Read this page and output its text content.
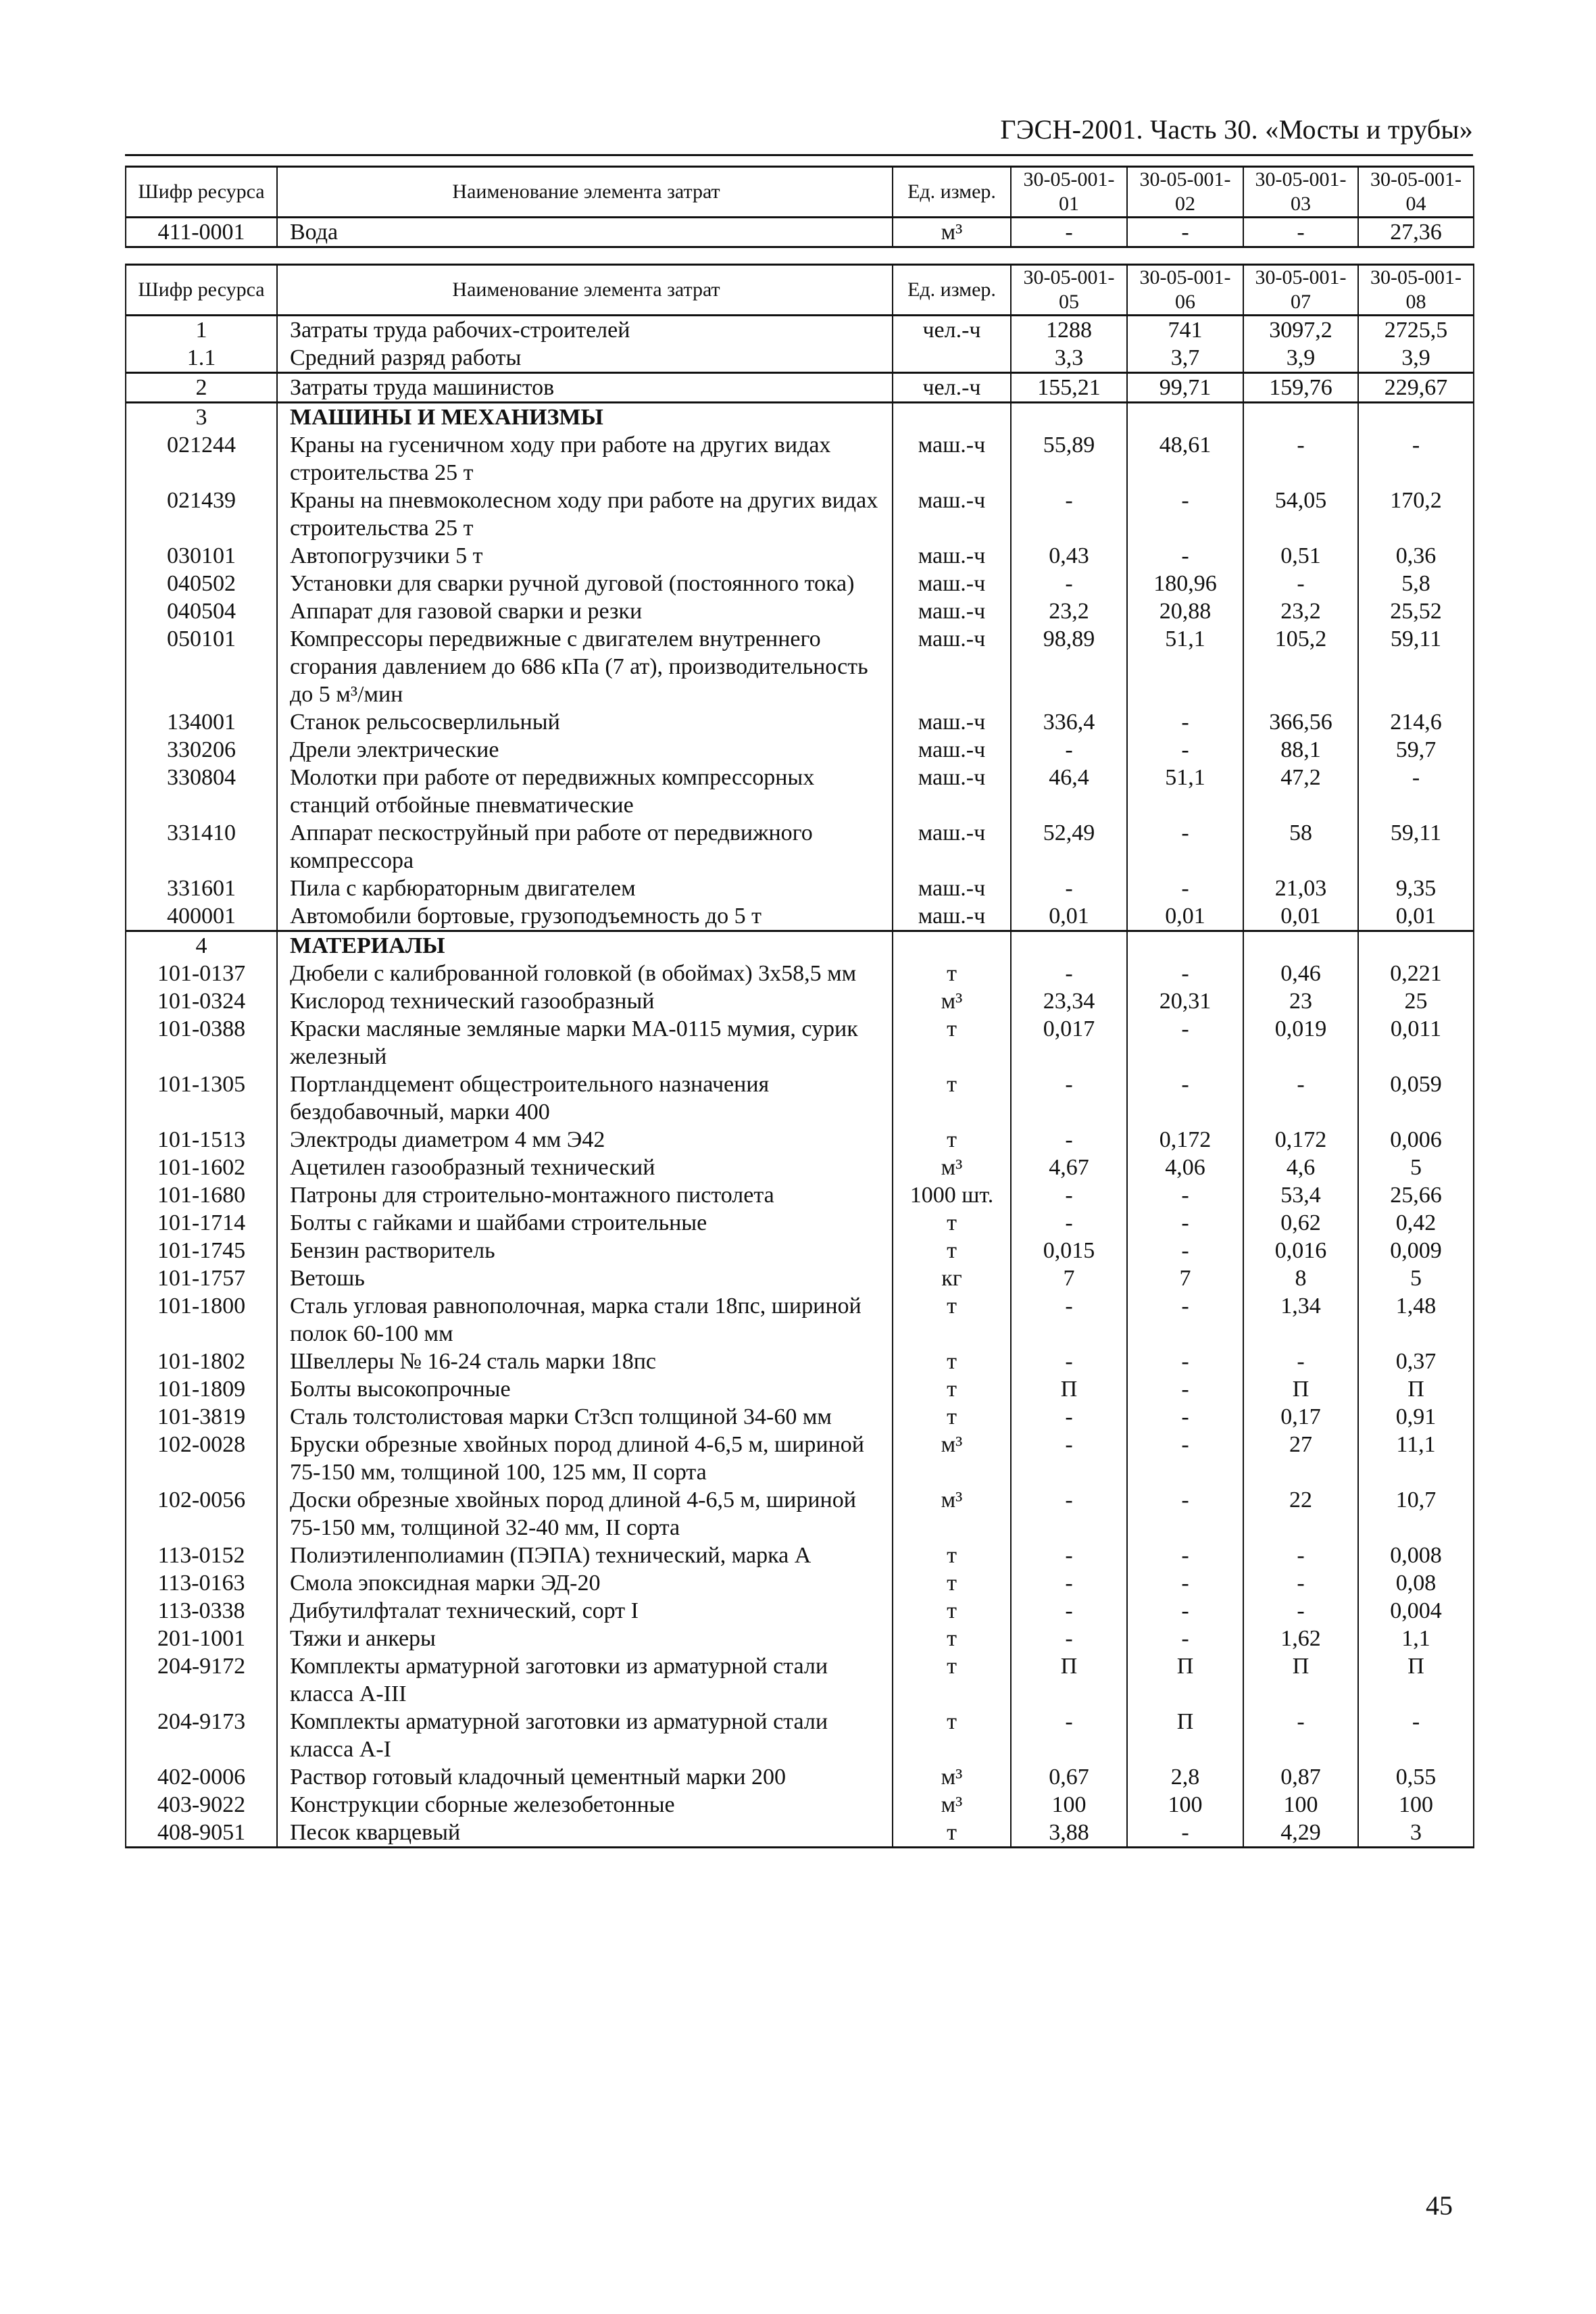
ГЭСН-2001. Часть 30. «Мосты и трубы»
Шифр ресурса	Наименование элемента затрат	Ед. измер.	30-05-001-01	30-05-001-02	30-05-001-03	30-05-001-04
411-0001	Вода	м³	-	-	-	27,36
Шифр ресурса	Наименование элемента затрат	Ед. измер.	30-05-001-05	30-05-001-06	30-05-001-07	30-05-001-08
1	Затраты труда рабочих-строителей	чел.-ч	1288	741	3097,2	2725,5
1.1	Средний разряд работы		3,3	3,7	3,9	3,9
2	Затраты труда машинистов	чел.-ч	155,21	99,71	159,76	229,67
3	МАШИНЫ И МЕХАНИЗМЫ					
021244	Краны на гусеничном ходу при работе на других видах строительства 25 т	маш.-ч	55,89	48,61	-	-
021439	Краны на пневмоколесном ходу при работе на других видах строительства 25 т	маш.-ч	-	-	54,05	170,2
030101	Автопогрузчики 5 т	маш.-ч	0,43	-	0,51	0,36
040502	Установки для сварки ручной дуговой (постоянного тока)	маш.-ч	-	180,96	-	5,8
040504	Аппарат для газовой сварки и резки	маш.-ч	23,2	20,88	23,2	25,52
050101	Компрессоры передвижные с двигателем внутреннего сгорания давлением до 686 кПа (7 ат), производительность до 5 м³/мин	маш.-ч	98,89	51,1	105,2	59,11
134001	Станок рельсосверлильный	маш.-ч	336,4	-	366,56	214,6
330206	Дрели электрические	маш.-ч	-	-	88,1	59,7
330804	Молотки при работе от передвижных компрессорных станций отбойные пневматические	маш.-ч	46,4	51,1	47,2	-
331410	Аппарат пескоструйный при работе от передвижного компрессора	маш.-ч	52,49	-	58	59,11
331601	Пила с карбюраторным двигателем	маш.-ч	-	-	21,03	9,35
400001	Автомобили бортовые, грузоподъемность до 5 т	маш.-ч	0,01	0,01	0,01	0,01
4	МАТЕРИАЛЫ					
101-0137	Дюбели с калиброванной головкой (в обоймах) 3х58,5 мм	т	-	-	0,46	0,221
101-0324	Кислород технический газообразный	м³	23,34	20,31	23	25
101-0388	Краски масляные земляные марки МА-0115 мумия, сурик железный	т	0,017	-	0,019	0,011
101-1305	Портландцемент общестроительного назначения бездобавочный, марки 400	т	-	-	-	0,059
101-1513	Электроды диаметром 4 мм Э42	т	-	0,172	0,172	0,006
101-1602	Ацетилен газообразный технический	м³	4,67	4,06	4,6	5
101-1680	Патроны для строительно-монтажного пистолета	1000 шт.	-	-	53,4	25,66
101-1714	Болты с гайками и шайбами строительные	т	-	-	0,62	0,42
101-1745	Бензин растворитель	т	0,015	-	0,016	0,009
101-1757	Ветошь	кг	7	7	8	5
101-1800	Сталь угловая равнополочная, марка стали 18пс, шириной полок 60-100 мм	т	-	-	1,34	1,48
101-1802	Швеллеры № 16-24 сталь марки 18пс	т	-	-	-	0,37
101-1809	Болты высокопрочные	т	П	-	П	П
101-3819	Сталь толстолистовая марки Ст3сп толщиной 34-60 мм	т	-	-	0,17	0,91
102-0028	Бруски обрезные хвойных пород длиной 4-6,5 м, шириной 75-150 мм, толщиной 100, 125 мм, II сорта	м³	-	-	27	11,1
102-0056	Доски обрезные хвойных пород длиной 4-6,5 м, шириной 75-150 мм, толщиной 32-40 мм, II сорта	м³	-	-	22	10,7
113-0152	Полиэтиленполиамин (ПЭПА) технический, марка А	т	-	-	-	0,008
113-0163	Смола эпоксидная марки ЭД-20	т	-	-	-	0,08
113-0338	Дибутилфталат технический, сорт I	т	-	-	-	0,004
201-1001	Тяжи и анкеры	т	-	-	1,62	1,1
204-9172	Комплекты арматурной заготовки из арматурной стали класса А-III	т	П	П	П	П
204-9173	Комплекты арматурной заготовки из арматурной стали класса А-I	т	-	П	-	-
402-0006	Раствор готовый кладочный цементный марки 200	м³	0,67	2,8	0,87	0,55
403-9022	Конструкции сборные железобетонные	м³	100	100	100	100
408-9051	Песок кварцевый	т	3,88	-	4,29	3
45
